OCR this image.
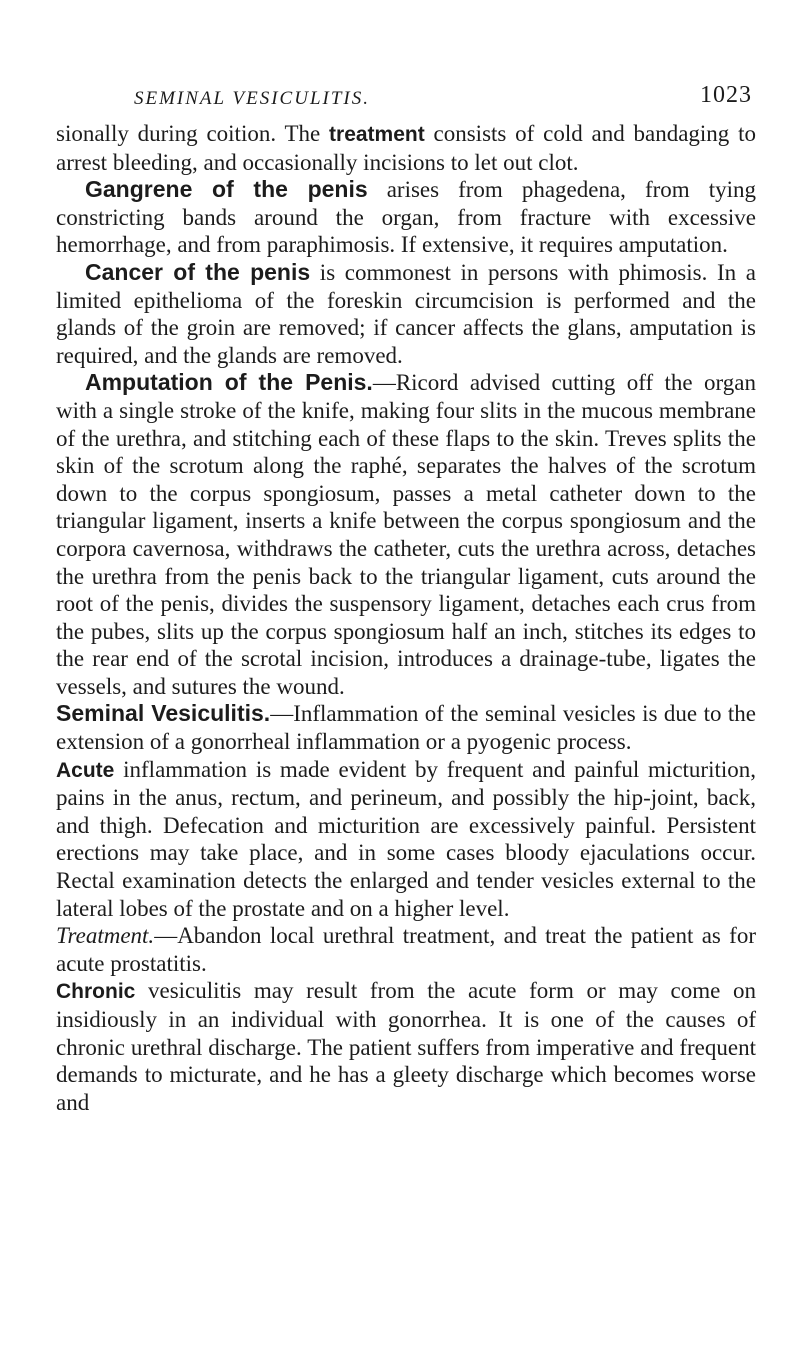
SEMINAL VESICULITIS.	1023

sionally during coition. The treatment consists of cold and bandaging to arrest bleeding, and occasionally incisions to let out clot.

Gangrene of the penis arises from phagedena, from tying constricting bands around the organ, from fracture with excessive hemorrhage, and from paraphimosis. If extensive, it requires amputation.

Cancer of the penis is commonest in persons with phimosis. In a limited epithelioma of the foreskin circumcision is performed and the glands of the groin are removed; if cancer affects the glans, amputation is required, and the glands are removed.

Amputation of the Penis.—Ricord advised cutting off the organ with a single stroke of the knife, making four slits in the mucous membrane of the urethra, and stitching each of these flaps to the skin. Treves splits the skin of the scrotum along the raphé, separates the halves of the scrotum down to the corpus spongiosum, passes a metal catheter down to the triangular ligament, inserts a knife between the corpus spongiosum and the corpora cavernosa, withdraws the catheter, cuts the urethra across, detaches the urethra from the penis back to the triangular ligament, cuts around the root of the penis, divides the suspensory ligament, detaches each crus from the pubes, slits up the corpus spongiosum half an inch, stitches its edges to the rear end of the scrotal incision, introduces a drainage-tube, ligates the vessels, and sutures the wound.

Seminal Vesiculitis.—Inflammation of the seminal vesicles is due to the extension of a gonorrheal inflammation or a pyogenic process.

Acute inflammation is made evident by frequent and painful micturition, pains in the anus, rectum, and perineum, and possibly the hip-joint, back, and thigh. Defecation and micturition are excessively painful. Persistent erections may take place, and in some cases bloody ejaculations occur. Rectal examination detects the enlarged and tender vesicles external to the lateral lobes of the prostate and on a higher level.

Treatment.—Abandon local urethral treatment, and treat the patient as for acute prostatitis.

Chronic vesiculitis may result from the acute form or may come on insidiously in an individual with gonorrhea. It is one of the causes of chronic urethral discharge. The patient suffers from imperative and frequent demands to micturate, and he has a gleety discharge which becomes worse and
